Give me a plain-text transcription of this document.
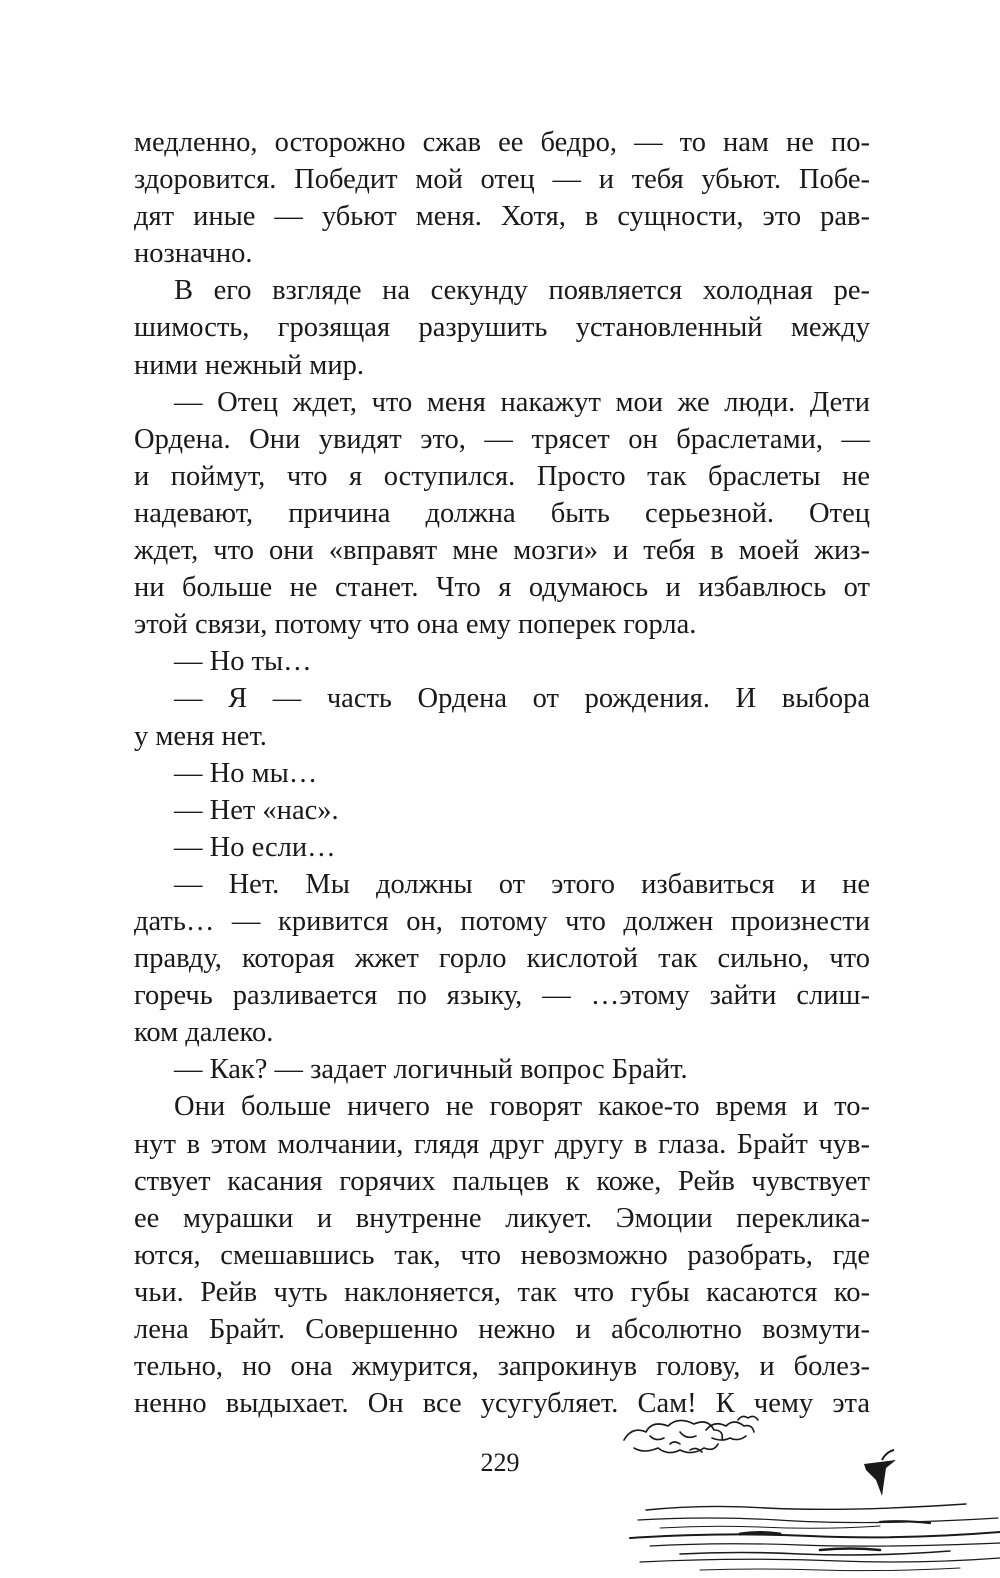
медленно, осторожно сжав ее бедро, — то нам не по-
здоровится. Победит мой отец — и тебя убьют. Побе-
дят иные — убьют меня. Хотя, в сущности, это рав-
нозначно.
В его взгляде на секунду появляется холодная ре-
шимость, грозящая разрушить установленный между
ними нежный мир.
— Отец ждет, что меня накажут мои же люди. Дети
Ордена. Они увидят это, — трясет он браслетами, —
и поймут, что я оступился. Просто так браслеты не
надевают, причина должна быть серьезной. Отец
ждет, что они «вправят мне мозги» и тебя в моей жиз-
ни больше не станет. Что я одумаюсь и избавлюсь от
этой связи, потому что она ему поперек горла.
— Но ты…
— Я — часть Ордена от рождения. И выбора
у меня нет.
— Но мы…
— Нет «нас».
— Но если…
— Нет. Мы должны от этого избавиться и не
дать… — кривится он, потому что должен произнести
правду, которая жжет горло кислотой так сильно, что
горечь разливается по языку, — …этому зайти слиш-
ком далеко.
— Как? — задает логичный вопрос Брайт.
Они больше ничего не говорят какое-то время и то-
нут в этом молчании, глядя друг другу в глаза. Брайт чув-
ствует касания горячих пальцев к коже, Рейв чувствует
ее мурашки и внутренне ликует. Эмоции переклика-
ются, смешавшись так, что невозможно разобрать, где
чьи. Рейв чуть наклоняется, так что губы касаются ко-
лена Брайт. Совершенно нежно и абсолютно возмути-
тельно, но она жмурится, запрокинув голову, и болез-
ненно выдыхает. Он все усугубляет. Сам! К чему эта
229
